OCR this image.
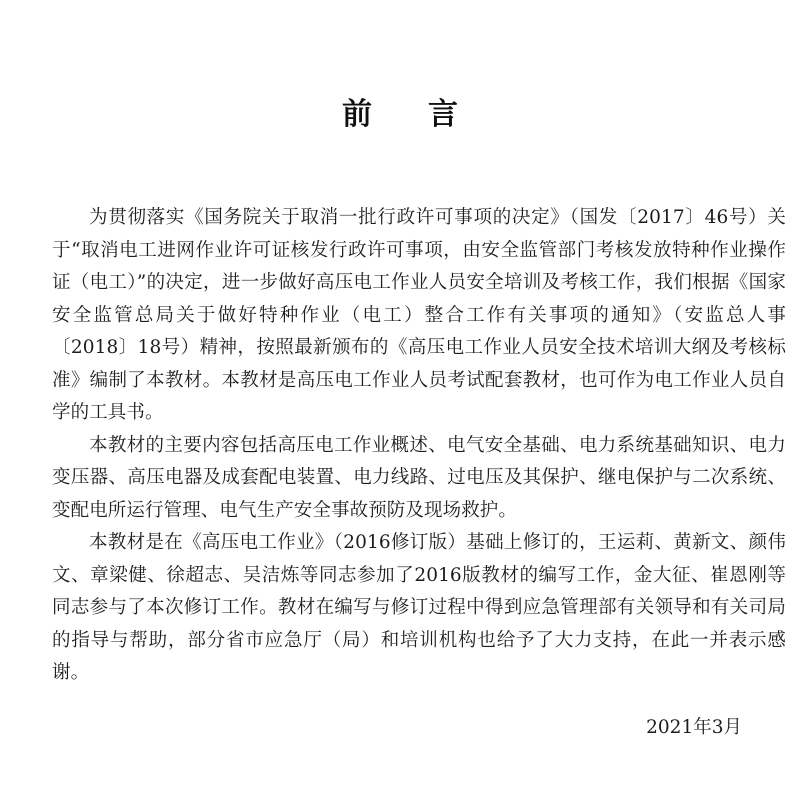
前言

为贯彻落实《国务院关于取消一批行政许可事项的决定》（国发〔2017〕46号）关于“取消电工进网作业许可证核发行政许可事项，由安全监管部门考核发放特种作业操作证（电工）”的决定，进一步做好高压电工作业人员安全培训及考核工作，我们根据《国家安全监管总局关于做好特种作业（电工）整合工作有关事项的通知》（安监总人事〔2018〕18号）精神，按照最新颁布的《高压电工作业人员安全技术培训大纲及考核标准》编制了本教材。本教材是高压电工作业人员考试配套教材，也可作为电工作业人员自学的工具书。

本教材的主要内容包括高压电工作业概述、电气安全基础、电力系统基础知识、电力变压器、高压电器及成套配电装置、电力线路、过电压及其保护、继电保护与二次系统、变配电所运行管理、电气生产安全事故预防及现场救护。

本教材是在《高压电工作业》（2016修订版）基础上修订的，王运莉、黄新文、颜伟文、章梁健、徐超志、吴洁炼等同志参加了2016版教材的编写工作，金大征、崔恩刚等同志参与了本次修订工作。教材在编写与修订过程中得到应急管理部有关领导和有关司局的指导与帮助，部分省市应急厅（局）和培训机构也给予了大力支持，在此一并表示感谢。

2021年3月
